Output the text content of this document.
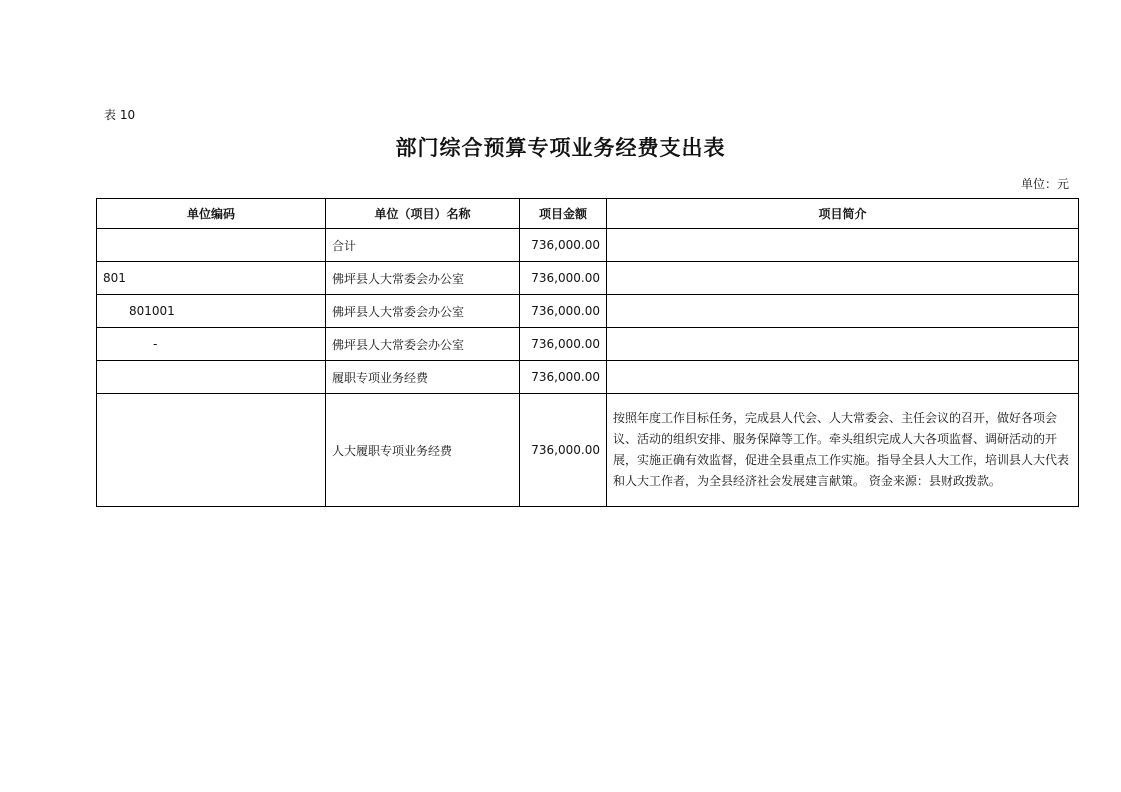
表 10
部门综合预算专项业务经费支出表
单位：元
单位编码	单位（项目）名称	项目金额	项目简介
	合计	736,000.00	
801	佛坪县人大常委会办公室	736,000.00	
801001	佛坪县人大常委会办公室	736,000.00	
-	佛坪县人大常委会办公室	736,000.00	
	履职专项业务经费	736,000.00	
	人大履职专项业务经费	736,000.00	按照年度工作目标任务，完成县人代会、人大常委会、主任会议的召开，做好各项会议、活动的组织安排、服务保障等工作。牵头组织完成人大各项监督、调研活动的开展，实施正确有效监督，促进全县重点工作实施。指导全县人大工作，培训县人大代表和人大工作者，为全县经济社会发展建言献策。 资金来源：县财政拨款。
